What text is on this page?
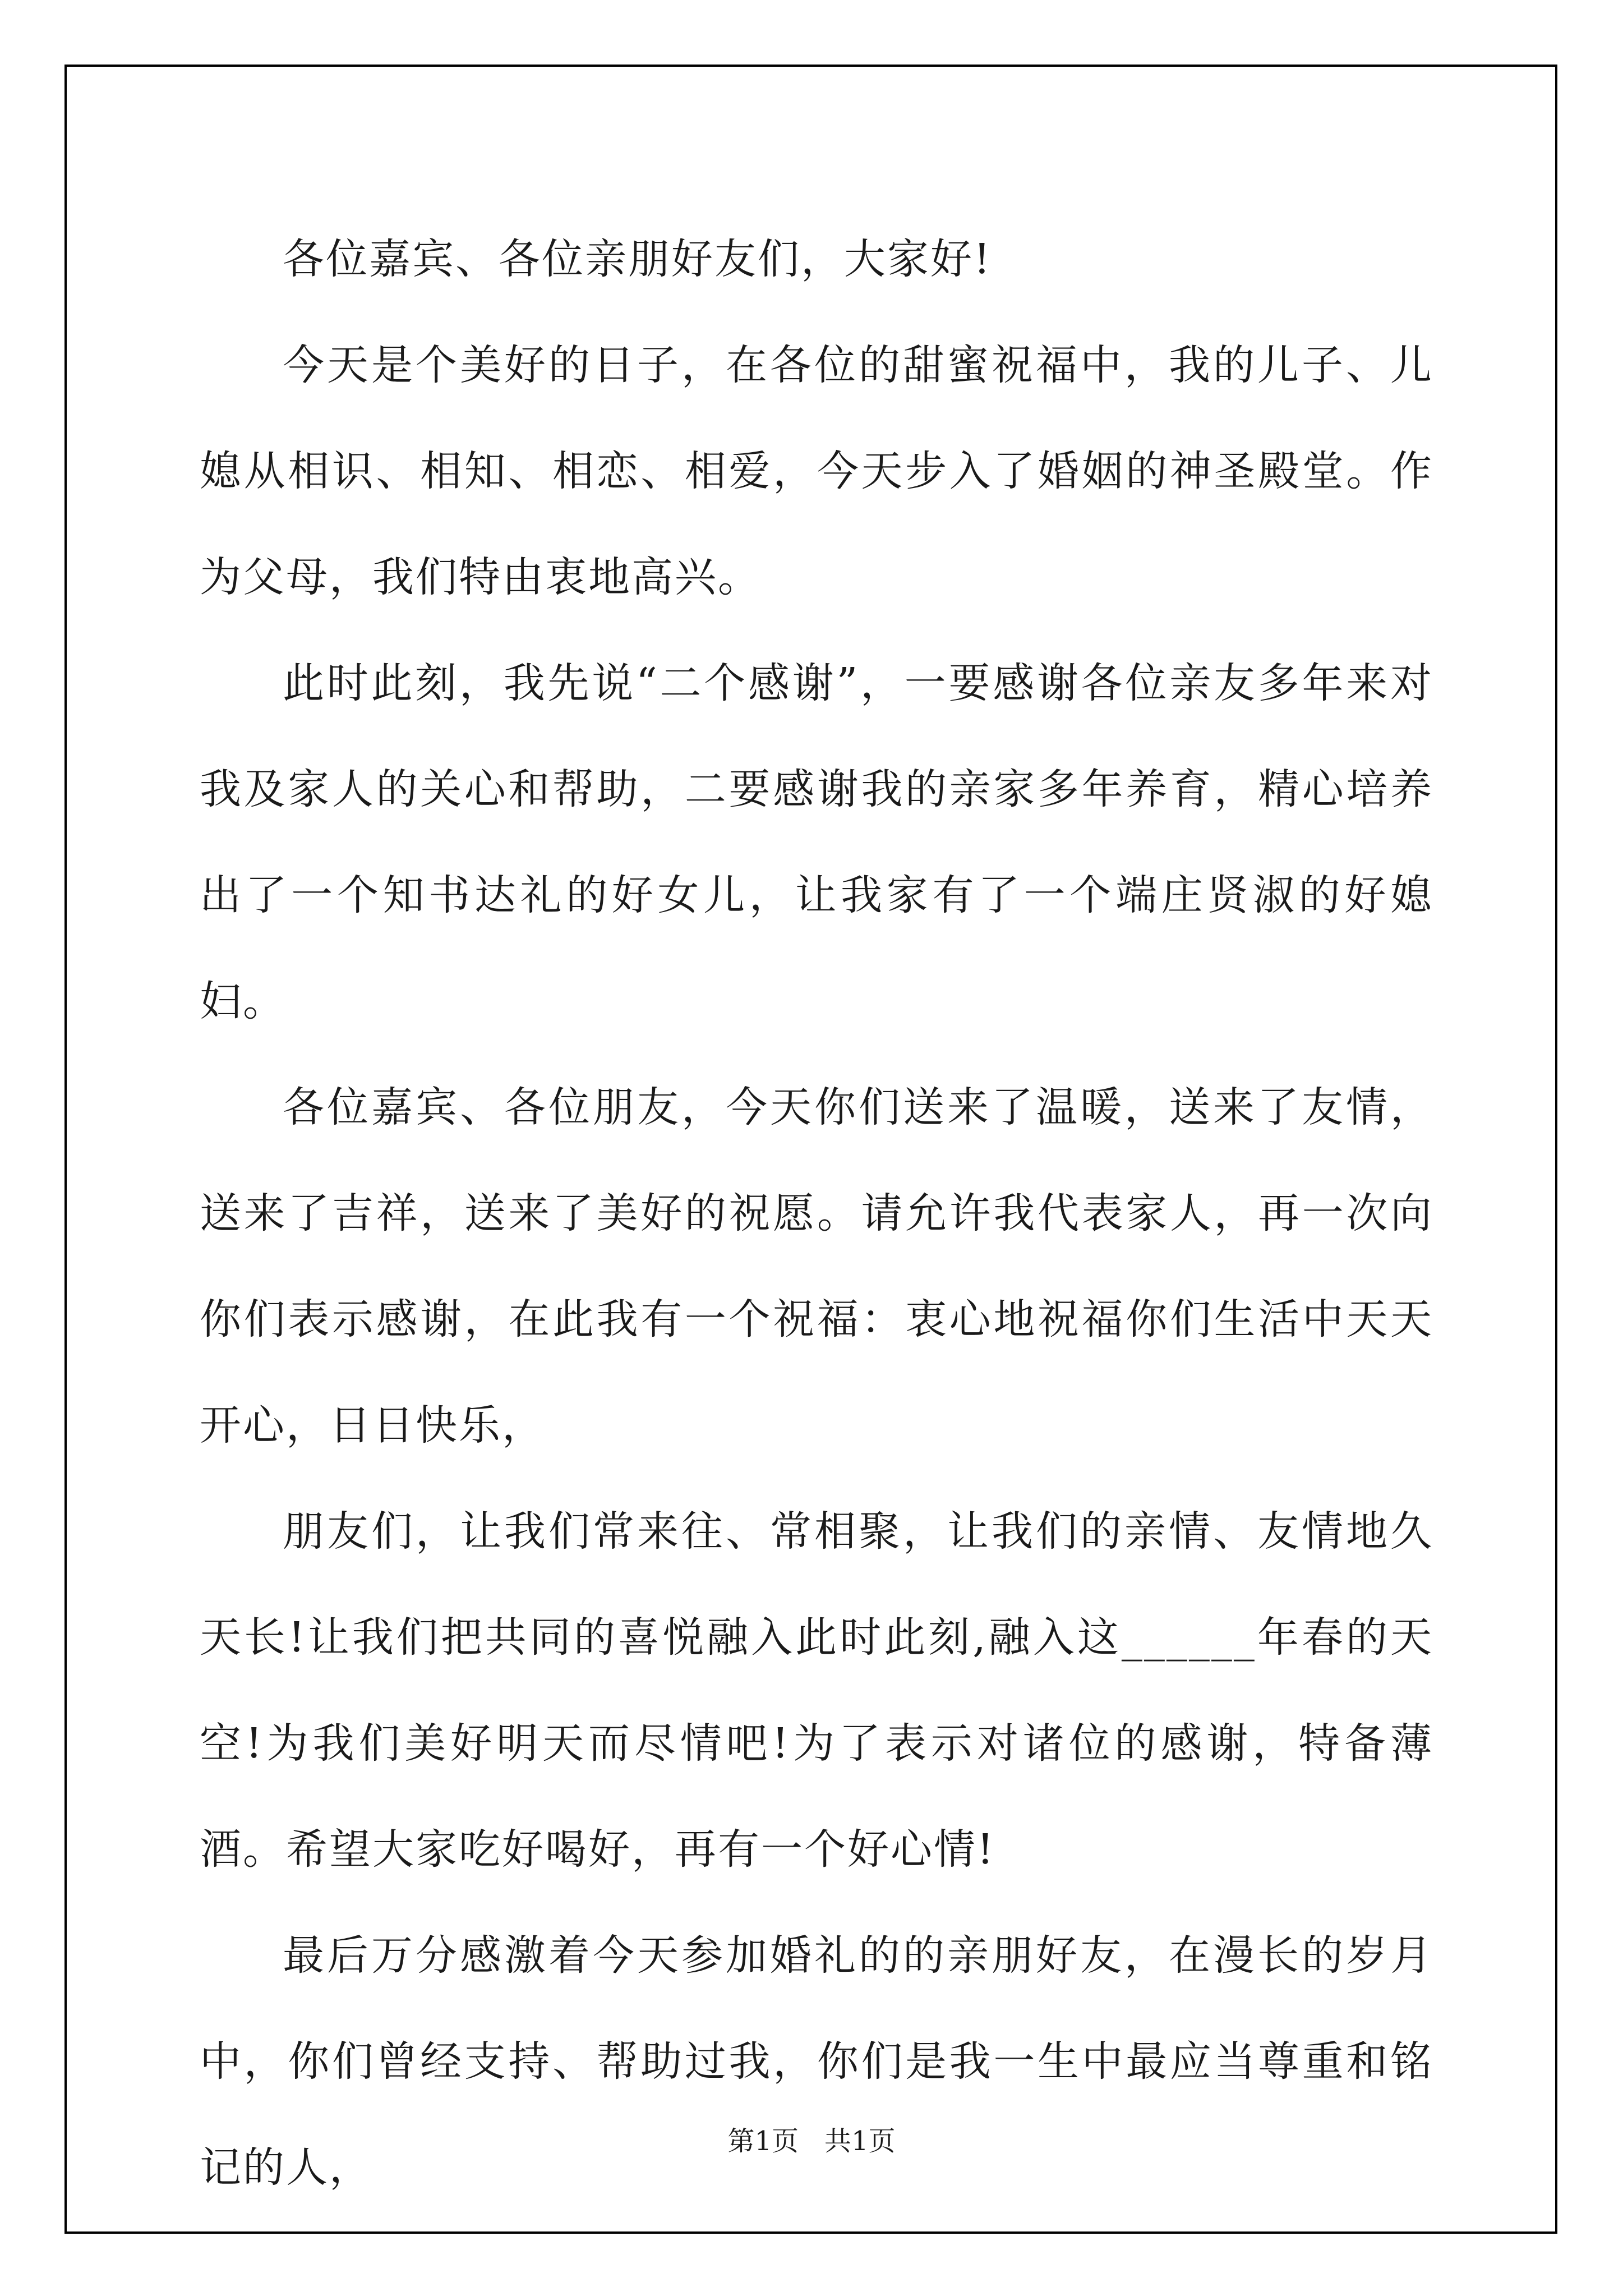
各位嘉宾、各位亲朋好友们，大家好!

今天是个美好的日子，在各位的甜蜜祝福中，我的儿子、儿媳从相识、相知、相恋、相爱，今天步入了婚姻的神圣殿堂。作为父母，我们特由衷地高兴。

此时此刻，我先说“二个感谢”，一要感谢各位亲友多年来对我及家人的关心和帮助，二要感谢我的亲家多年养育，精心培养出了一个知书达礼的好女儿，让我家有了一个端庄贤淑的好媳妇。

各位嘉宾、各位朋友，今天你们送来了温暖，送来了友情，送来了吉祥，送来了美好的祝愿。请允许我代表家人，再一次向你们表示感谢，在此我有一个祝福：衷心地祝福你们生活中天天开心，日日快乐，

朋友们，让我们常来往、常相聚，让我们的亲情、友情地久天长!让我们把共同的喜悦融入此时此刻,融入这______年春的天空!为我们美好明天而尽情吧!为了表示对诸位的感谢，特备薄酒。希望大家吃好喝好，再有一个好心情!

最后万分感激着今天参加婚礼的的亲朋好友，在漫长的岁月中，你们曾经支持、帮助过我，你们是我一生中最应当尊重和铭记的人，

第1页 共1页
